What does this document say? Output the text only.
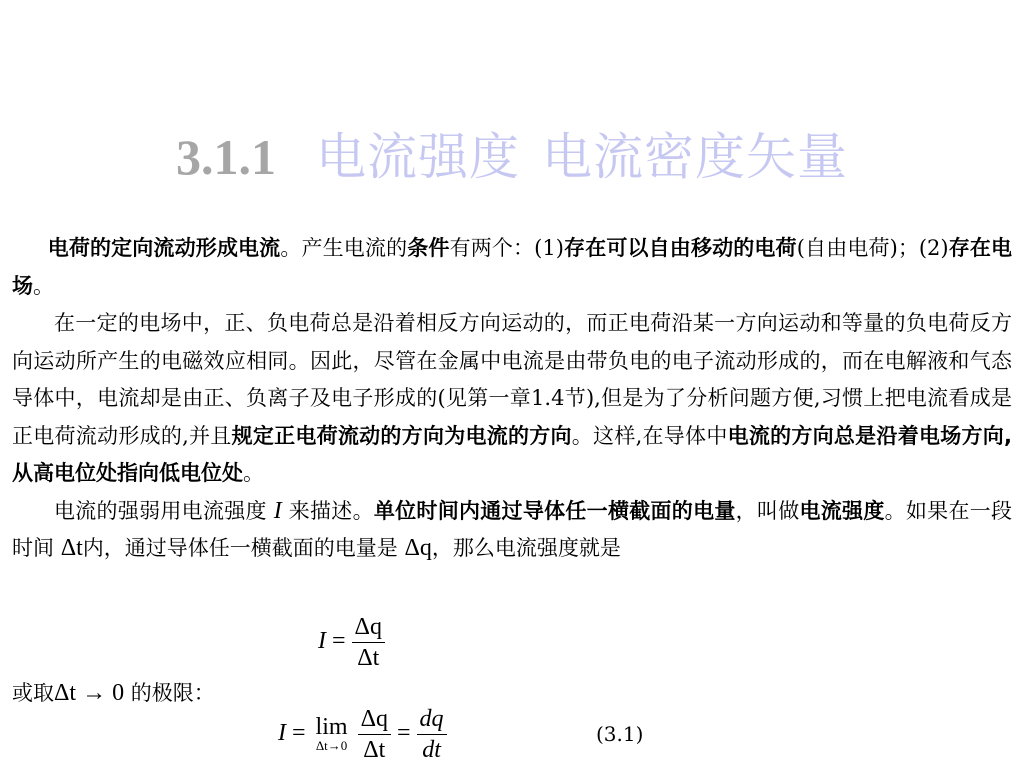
3.1.1 电流强度 电流密度矢量

电荷的定向流动形成电流。产生电流的条件有两个：(1)存在可以自由移动的电荷(自由电荷)；(2)存在电场。

在一定的电场中，正、负电荷总是沿着相反方向运动的，而正电荷沿某一方向运动和等量的负电荷反方向运动所产生的电磁效应相同。因此，尽管在金属中电流是由带负电的电子流动形成的，而在电解液和气态导体中，电流却是由正、负离子及电子形成的(见第一章1.4节),但是为了分析问题方便,习惯上把电流看成是正电荷流动形成的,并且规定正电荷流动的方向为电流的方向。这样,在导体中电流的方向总是沿着电场方向,从高电位处指向低电位处。

电流的强弱用电流强度 I 来描述。单位时间内通过导体任一横截面的电量，叫做电流强度。如果在一段时间 Δt内，通过导体任一横截面的电量是 Δq，那么电流强度就是

$I = \frac{\Delta q}{\Delta t}$
或取Δt → 0 的极限：
I = lim
Δt→0
$\frac{\Delta q}{\Delta t} = \frac{dq}{dt}$	(3.1)
